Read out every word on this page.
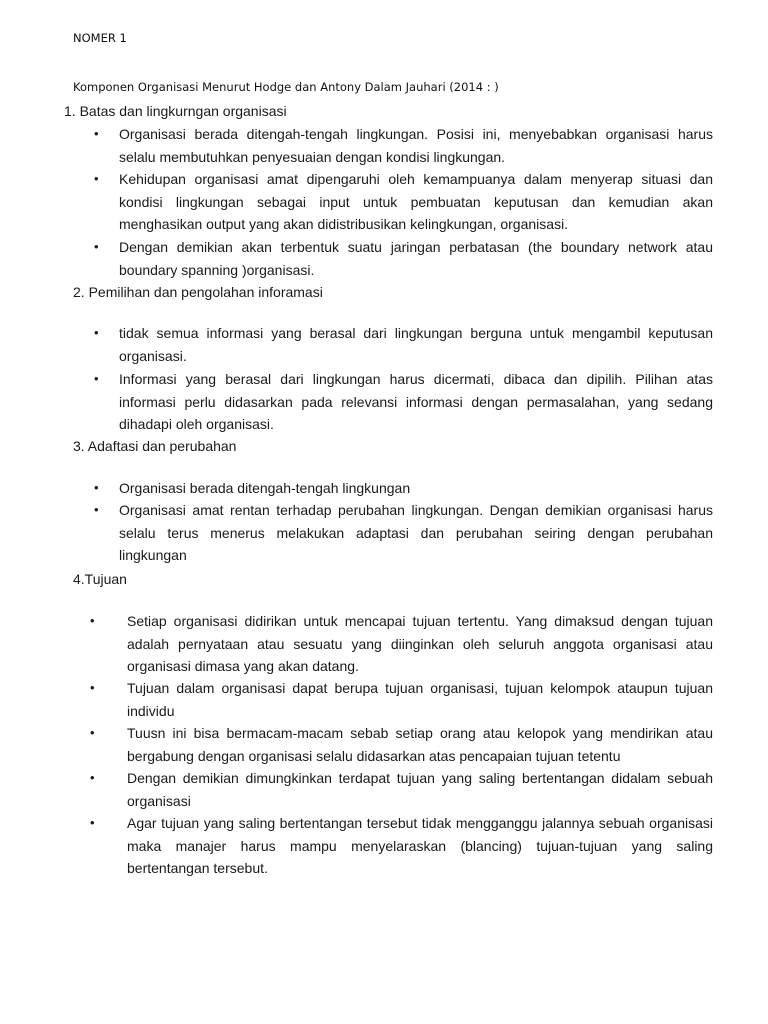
NOMER 1
Komponen Organisasi Menurut Hodge dan Antony Dalam Jauhari (2014 : )
1. Batas dan lingkurngan organisasi
• Organisasi berada ditengah-tengah lingkungan. Posisi ini, menyebabkan organisasi harus selalu membutuhkan penyesuaian dengan kondisi lingkungan.
• Kehidupan organisasi amat dipengaruhi oleh kemampuanya dalam menyerap situasi dan kondisi lingkungan sebagai input untuk pembuatan keputusan dan kemudian akan menghasikan output yang akan didistribusikan kelingkungan, organisasi.
• Dengan demikian akan terbentuk suatu jaringan perbatasan (the boundary network atau boundary spanning )organisasi.
2. Pemilihan dan pengolahan inforamasi
• tidak semua informasi yang berasal dari lingkungan berguna untuk mengambil keputusan organisasi.
• Informasi yang berasal dari lingkungan harus dicermati, dibaca dan dipilih. Pilihan atas informasi perlu didasarkan pada relevansi informasi dengan permasalahan, yang sedang dihadapi oleh organisasi.
3. Adaftasi dan perubahan
• Organisasi berada ditengah-tengah lingkungan
• Organisasi amat rentan terhadap perubahan lingkungan. Dengan demikian organisasi harus selalu terus menerus melakukan adaptasi dan perubahan seiring dengan perubahan lingkungan
4.Tujuan
• Setiap organisasi didirikan untuk mencapai tujuan tertentu. Yang dimaksud dengan tujuan adalah pernyataan atau sesuatu yang diinginkan oleh seluruh anggota organisasi atau organisasi dimasa yang akan datang.
• Tujuan dalam organisasi dapat berupa tujuan organisasi, tujuan kelompok ataupun tujuan individu
• Tuusn ini bisa bermacam-macam sebab setiap orang atau kelopok yang mendirikan atau bergabung dengan organisasi selalu didasarkan atas pencapaian tujuan tetentu
• Dengan demikian dimungkinkan terdapat tujuan yang saling bertentangan didalam sebuah organisasi
• Agar tujuan yang saling bertentangan tersebut tidak mengganggu jalannya sebuah organisasi maka manajer harus mampu menyelaraskan (blancing) tujuan-tujuan yang saling bertentangan tersebut.
